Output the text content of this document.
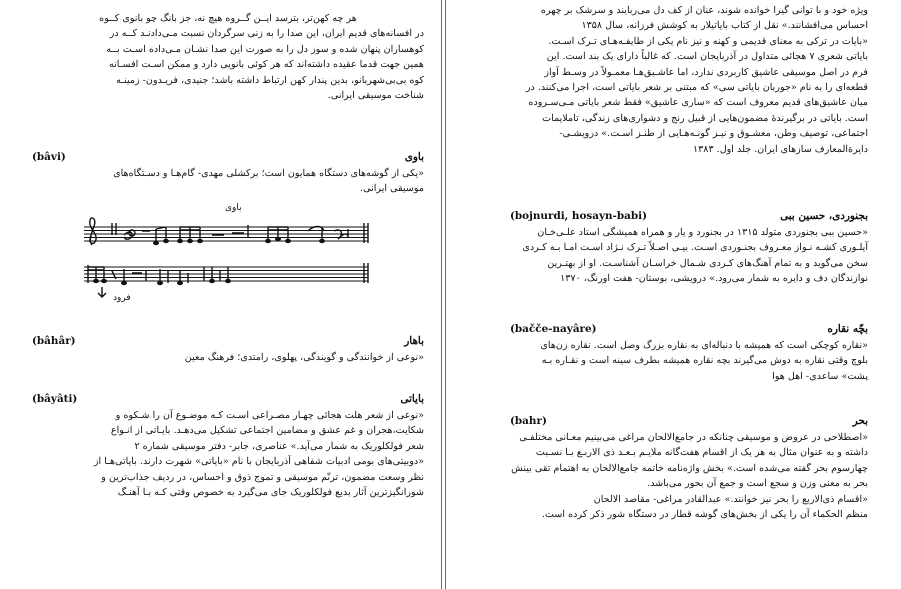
هر چه کهن‌تر، بترسد ایــن گــروه هیچ نه، جز بانگ چو بانوی کــوه

در افسانه‌های قدیم ایران، این صدا را به زنی سرگردان نسبت مـی‌دادنـد کــه در

کوهساران پنهان شده و سوز دل را به صورت این صدا نشـان مـی‌داده اسـت بــه

همین جهت قدما عقیده داشته‌اند که هر کوئی بانویی دارد و ممکن اسـت افسـانه

کوه بی‌بی‌شهربانو، بدین پندار کهن ارتباط داشته باشد؛ جنیدی، فریـدون- زمینـه

شناخت موسیقی ایرانی.

باوی
(bâvi)

«یکی از گوشه‌های دستگاه همایون است؛ برکشلی مهدی- گام‌هـا و دسـتگاه‌های

موسیقی ایرانی.

باوی
فرود
باهار
(bâhâr)

«نوعی از خوانندگی و گویندگی، پهلوی، رامتدی؛ فرهنگ معین

بایاتی
(bâyâti)

«نوعی از شعر هلت هجائی چهـار مصـراعی اسـت کـه موضـوع آن را شـکوه و

شکایت،هجران و غم عشق و مضامین اجتماعی تشکیل می‌دهـد. بایـاتی از انـواع

شعر فولکلوریک به شمار می‌آید.» عناصری، جابر- دفتر موسیقی شماره ۲

«دوبیتی‌های بومی ادبیات شفاهی آذربایجان با نام «بایاتی» شهرت دارند. بایاتی‌هـا از

نظر وسعت مضمون، ترنّم موسیقی و تموج ذوق و احساس، در ردیف جذاب‌ترین و

شورانگیزترین آثار بدیع فولکلوریک جای می‌گیرد به خصوص وقتی کـه بـا آهنـگ

ویژه خود و با توانی گیرا خوانده شوند، عنان از کف دل می‌ربایند و سرشک بر چهره

احساس می‌افشانند.» نقل از کتاب بایاتیلار به کوشش فرزانه، سال ۱۳۵۸

«بایات در ترکی به معنای قدیمی و کهنه و نیز نام یکی از طایفـه‌هـای تـرک اسـت.

بایاتی شعری ۷ هجائی متداول در آذربایجان است. که غالباً دارای یک بند است. این

فرم در اصل موسیقی عاشیق کاربردی ندارد، اما عاشـیق‌هـا معمـولاً در وسـط آواز

قطعه‌ای را به نام «جوربان بایاتی سی» که مبتنی بر شعر بایاتی است، اجرا می‌کنند. در

میان عاشیق‌های قدیم معروف است که «ساری عاشیق» فقط شعر بایاتی مـی‌سـروده

است. بایاتی در برگیرندهٔ مضمون‌هایی از قبیل رنج و دشواری‌های زندگی، تاملایمات

اجتماعی، توصیف وطن، معشـوق و نیـز گونـه‌هـایی از طنـز اسـت.» درویشـی-

دایرةالمعارف سازهای ایران. جلد اول. ۱۳۸۳

بجنوردی، حسین ببی
(bojnurdi, hosayn-babi)

«حسین ببی بجنوردی متولد ۱۳۱۵ در بجنورد و یار و همراه همیشگی استاد علـی‌خـان

آیلـوری کشـه نـواز معـروف بجنـوردی اسـت. بیـی اصـلاً تـرک نـژاد اسـت امـا بـه کـردی

سخن می‌گوید و به تمام آهنگ‌های کـردی شـمال خراسـان آشناسـت. او از بهتـرین

نوازندگان دف و دایره به شمار می‌رود.» درویشی، بوستان- هفت اورنگ، ۱۳۷۰

بچّه نقاره
(bačče-nayâre)

«نقاره کوچکی است که همیشه با دنباله‌ای به نقاره بزرگ وصل است. نقاره زن‌های

بلوچ وقتی نقاره به دوش می‌گیرند بچه نقاره همیشه بطرف سینه است و نقـاره بـه

پشت» ساعدی- اهل هوا

بحر
(bahr)

«اصطلاحی در عروض و موسیقی چنانکه در جامع‌الالحان مراغی می‌بینیم معـانی مختلفـی

داشته و به عنوان مثال به هر یک از اقسام هفت‌گانه ملایـم بـعـد ذی الاربـع بـا نسـبت

چهارسوم بحر گفته می‌شده است.» بخش واژه‌نامه خاتمه جامع‌الالحان به اهتمام تقی بینش

بحر به معنی وزن و سجع است و جمع آن بحور می‌باشد.

«اقسام ذی‌الاربع را بحر نیز خوانند.» عبدالقادر مراغی- مقاصد الالحان

منظم الحکماء آن را یکی از بخش‌های گوشه قطار در دستگاه شور ذکر کرده است.
